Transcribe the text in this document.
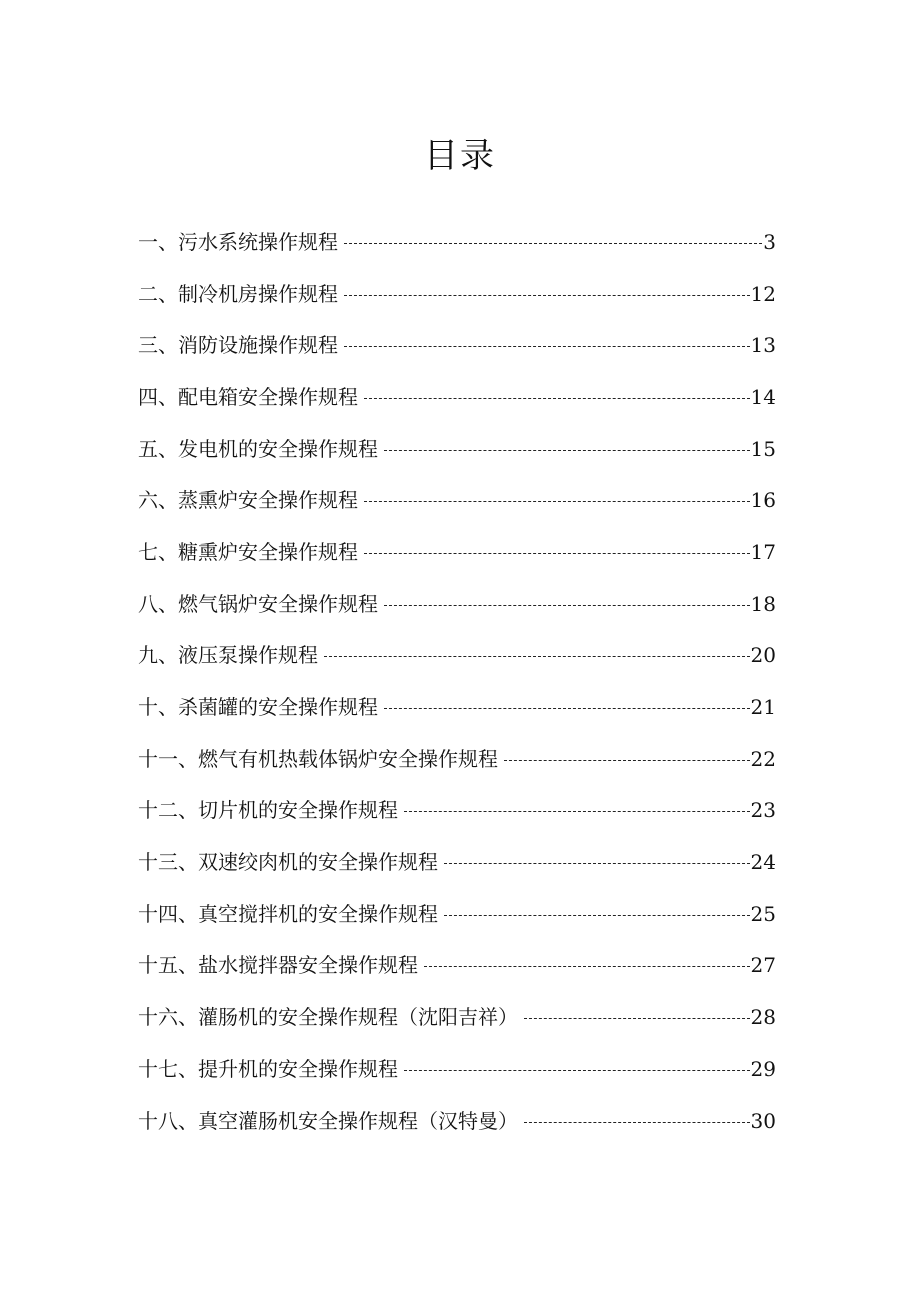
目录
一、污水系统操作规程	3
二、制冷机房操作规程	12
三、消防设施操作规程	13
四、配电箱安全操作规程	14
五、发电机的安全操作规程	15
六、蒸熏炉安全操作规程	16
七、糖熏炉安全操作规程	17
八、燃气锅炉安全操作规程	18
九、液压泵操作规程	20
十、杀菌罐的安全操作规程	21
十一、燃气有机热载体锅炉安全操作规程	22
十二、切片机的安全操作规程	23
十三、双速绞肉机的安全操作规程	24
十四、真空搅拌机的安全操作规程	25
十五、盐水搅拌器安全操作规程	27
十六、灌肠机的安全操作规程（沈阳吉祥）	28
十七、提升机的安全操作规程	29
十八、真空灌肠机安全操作规程（汉特曼）	30
